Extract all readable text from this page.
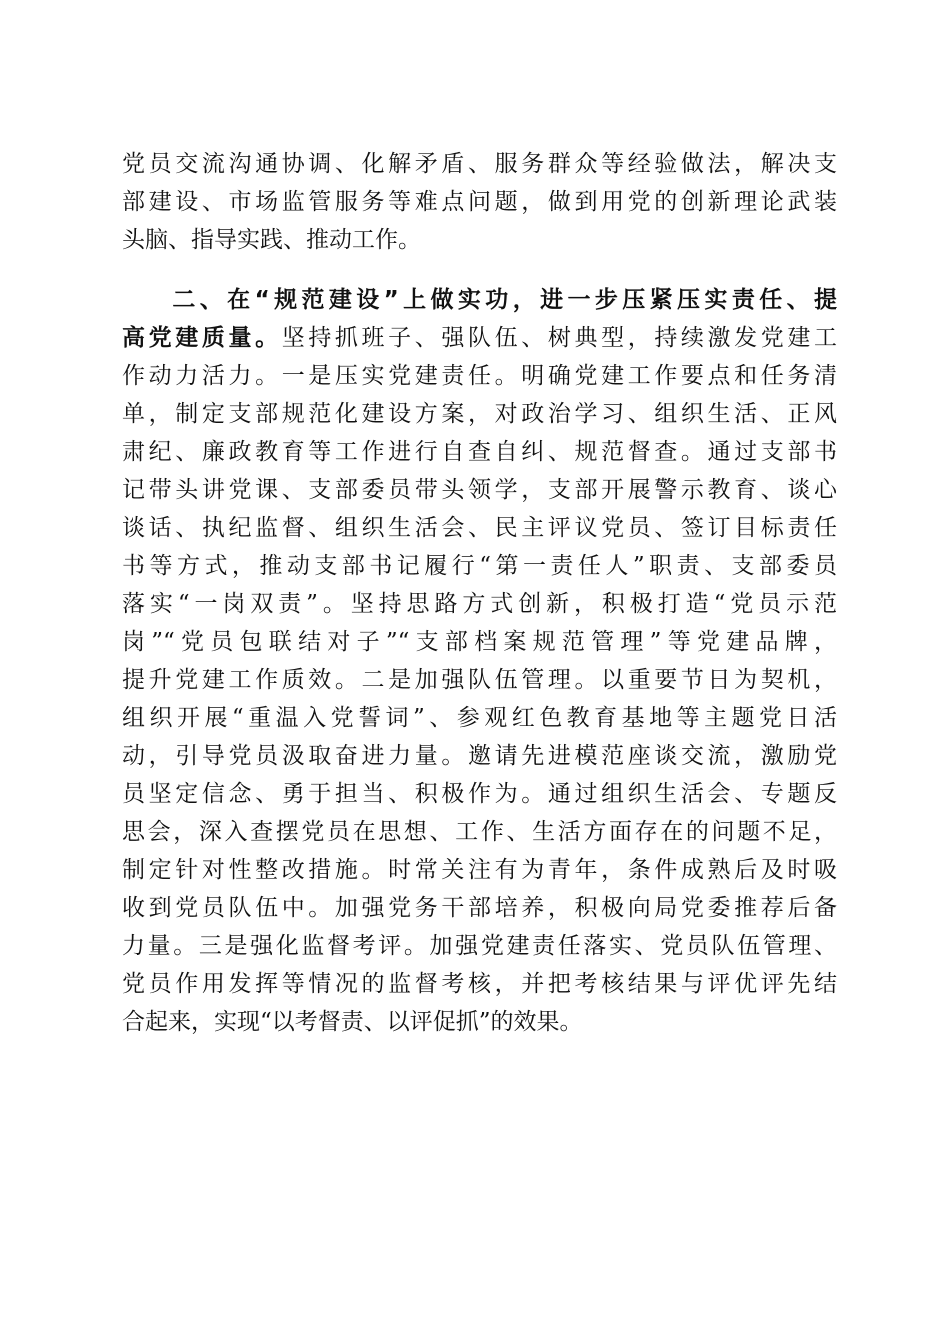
党员交流沟通协调、化解矛盾、服务群众等经验做法，解决支
部建设、市场监管服务等难点问题，做到用党的创新理论武装
头脑、指导实践、推动工作。
二、在“规范建设”上做实功，进一步压紧压实责任、提
高党建质量。坚持抓班子、强队伍、树典型，持续激发党建工
作动力活力。一是压实党建责任。明确党建工作要点和任务清
单，制定支部规范化建设方案，对政治学习、组织生活、正风
肃纪、廉政教育等工作进行自查自纠、规范督查。通过支部书
记带头讲党课、支部委员带头领学，支部开展警示教育、谈心
谈话、执纪监督、组织生活会、民主评议党员、签订目标责任
书等方式，推动支部书记履行“第一责任人”职责、支部委员
落实“一岗双责”。坚持思路方式创新，积极打造“党员示范
岗”“党员包联结对子”“支部档案规范管理”等党建品牌，
提升党建工作质效。二是加强队伍管理。以重要节日为契机，
组织开展“重温入党誓词”、参观红色教育基地等主题党日活
动，引导党员汲取奋进力量。邀请先进模范座谈交流，激励党
员坚定信念、勇于担当、积极作为。通过组织生活会、专题反
思会，深入查摆党员在思想、工作、生活方面存在的问题不足，
制定针对性整改措施。时常关注有为青年，条件成熟后及时吸
收到党员队伍中。加强党务干部培养，积极向局党委推荐后备
力量。三是强化监督考评。加强党建责任落实、党员队伍管理、
党员作用发挥等情况的监督考核，并把考核结果与评优评先结
合起来，实现“以考督责、以评促抓”的效果。
